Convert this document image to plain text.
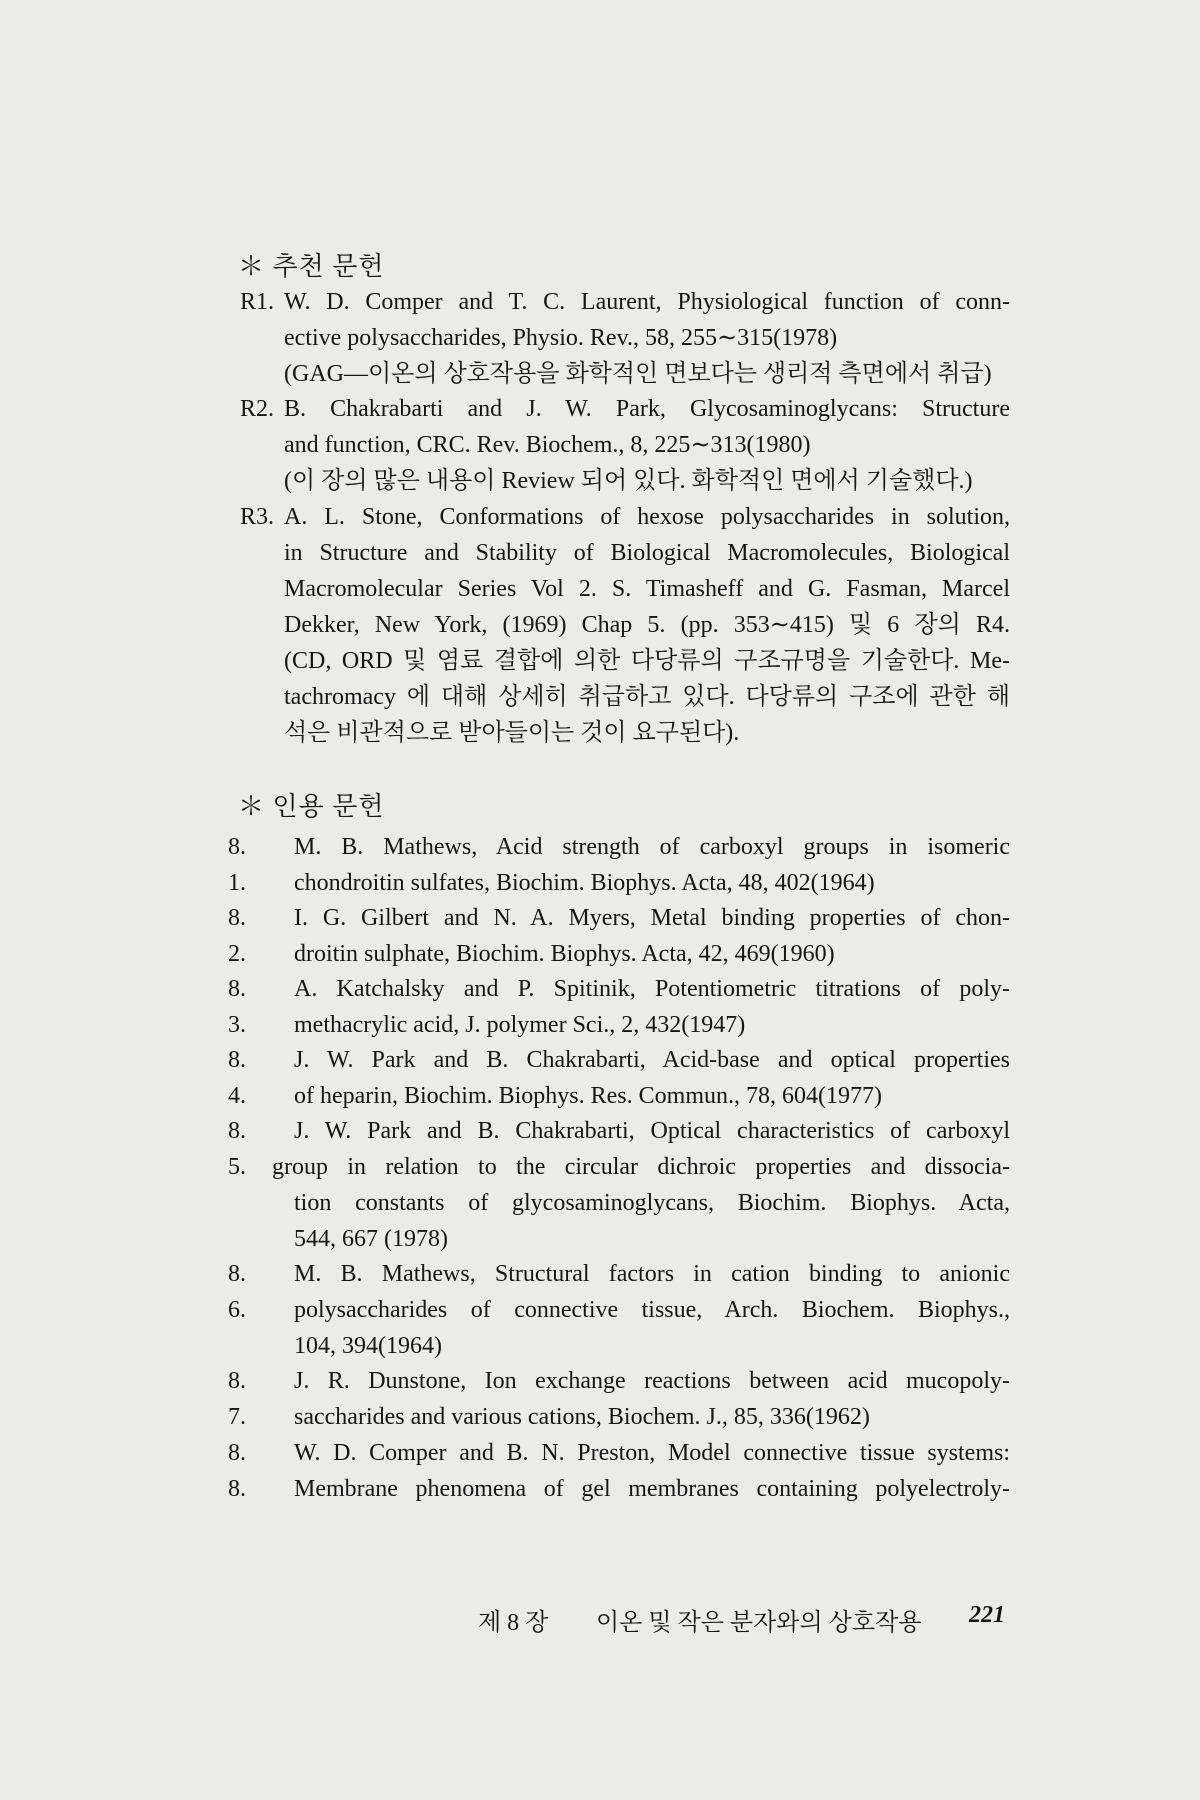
＊ 추천 문헌
R1. W. D. Comper and T. C. Laurent, Physiological function of conn-
ective polysaccharides, Physio. Rev., 58, 255∼315(1978)
(GAG—이온의 상호작용을 화학적인 면보다는 생리적 측면에서 취급)
R2. B. Chakrabarti and J. W. Park, Glycosaminoglycans: Structure
and function, CRC. Rev. Biochem., 8, 225∼313(1980)
(이 장의 많은 내용이 Review 되어 있다. 화학적인 면에서 기술했다.)
R3. A. L. Stone, Conformations of hexose polysaccharides in solution,
in Structure and Stability of Biological Macromolecules, Biological
Macromolecular Series Vol 2. S. Timasheff and G. Fasman, Marcel
Dekker, New York, (1969) Chap 5. (pp. 353∼415) 및 6 장의 R4.
(CD, ORD 및 염료 결합에 의한 다당류의 구조규명을 기술한다. Me-
tachromacy 에 대해 상세히 취급하고 있다. 다당류의 구조에 관한 해
석은 비관적으로 받아들이는 것이 요구된다).
＊ 인용 문헌
8. 1.
M. B. Mathews, Acid strength of carboxyl groups in isomeric
chondroitin sulfates, Biochim. Biophys. Acta, 48, 402(1964)
8. 2.
I. G. Gilbert and N. A. Myers, Metal binding properties of chon-
droitin sulphate, Biochim. Biophys. Acta, 42, 469(1960)
8. 3.
A. Katchalsky and P. Spitinik, Potentiometric titrations of poly-
methacrylic acid, J. polymer Sci., 2, 432(1947)
8. 4.
J. W. Park and B. Chakrabarti, Acid-base and optical properties
of heparin, Biochim. Biophys. Res. Commun., 78, 604(1977)
8. 5.
J. W. Park and B. Chakrabarti, Optical characteristics of carboxyl
group in relation to the circular dichroic properties and dissocia-
tion constants of glycosaminoglycans, Biochim. Biophys. Acta,
544, 667 (1978)
8. 6.
M. B. Mathews, Structural factors in cation binding to anionic
polysaccharides of connective tissue, Arch. Biochem. Biophys.,
104, 394(1964)
8. 7.
J. R. Dunstone, Ion exchange reactions between acid mucopoly-
saccharides and various cations, Biochem. J., 85, 336(1962)
8. 8.
W. D. Comper and B. N. Preston, Model connective tissue systems:
Membrane phenomena of gel membranes containing polyelectroly-
제 8 장 이온 및 작은 분자와의 상호작용 221
